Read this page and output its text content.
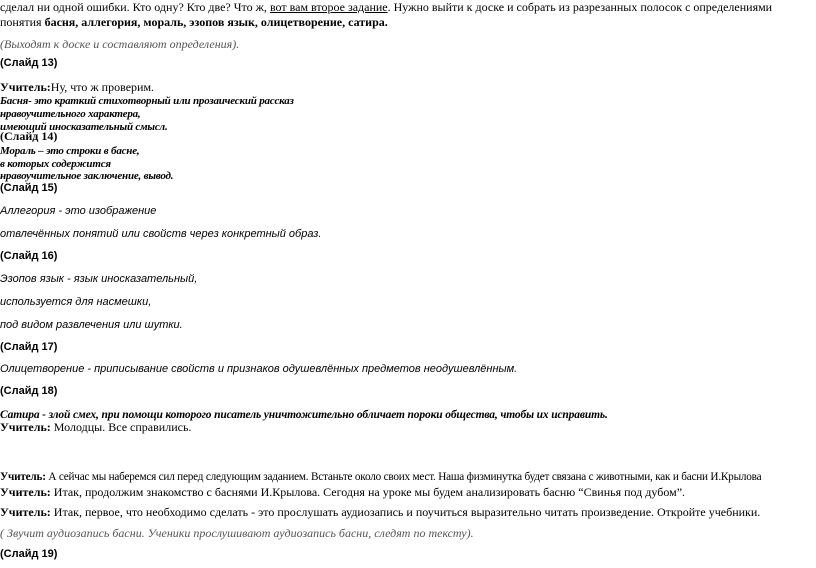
сделал ни одной ошибки. Кто одну? Кто две? Что ж, вот вам второе задание. Нужно выйти к доске и собрать из разрезанных полосок с определениями
понятия басня, аллегория, мораль, эзопов язык, олицетворение, сатира.
(Выходят к доске и составляют определения).
(Слайд 13)
Учитель:Ну, что ж проверим.
Басня- это краткий стихотворный или прозаический рассказ
нравоучительного характера,
имеющий иносказательный смысл.
(Слайд 14)
Мораль – это строки в басне,
в которых содержится
нравоучительное заключение, вывод.
(Слайд 15)
Аллегория - это изображение
отвлечённых понятий или свойств через конкретный образ.
(Слайд 16)
Эзопов язык - язык иносказательный,
используется для насмешки,
под видом развлечения или шутки.
(Слайд 17)
Олицетворение - приписывание свойств и признаков одушевлённых предметов неодушевлённым.
(Слайд 18)
Сатира - злой смех, при помощи которого писатель уничтожительно обличает пороки общества, чтобы их исправить.
Учитель: Молодцы. Все справились.
Учитель: А сейчас мы наберемся сил перед следующим заданием. Встаньте около своих мест. Наша физминутка будет связана с животными, как и басни И.Крылова
Учитель: Итак, продолжим знакомство с баснями И.Крылова. Сегодня на уроке мы будем анализировать басню “Свинья под дубом”.
Учитель: Итак, первое, что необходимо сделать - это прослушать аудиозапись и поучиться выразительно читать произведение. Откройте учебники.
( Звучит аудиозапись басни. Ученики прослушивают аудиозапись басни, следят по тексту).
(Слайд 19)
